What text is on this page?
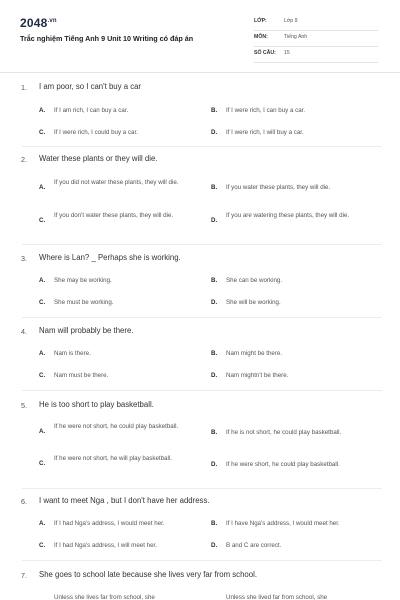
$2048^{.vn}$
Trắc nghiệm Tiếng Anh 9 Unit 10 Writing có đáp án
LỚP:	Lớp 9
MÔN:	Tiếng Anh
SỐ CÂU: 15
1. I am poor, so I can't buy a car
A. If I am rich, I can buy a car.	B. If I were rich, I can buy a car.
C. If I were rich, I could buy a car.	D. If I were rich, I will buy a car.
2. Water these plants or they will die.
A.
If you did not water these plants, they will die.
B. If you water these plants, they will die.
C.
If you don't water these plants, they will die.
D.
If you are watering these plants, they will die.
3. Where is Lan? _ Perhaps she is working.
A. She may be working.	B. She can be working.
C. She must be working.	D. She will be working.
4. Nam will probably be there.
A. Nam is there.	B. Nam might be there.
C. Nam must be there.	D. Nam mightn't be there.
5. He is too short to play basketball.
A.
If he were not short, he could play basketball.
B. If he is not short, he could play basketball.
C.
If he were not short, he will play basketball.
D. If he were short, he could play basketball.
6. I want to meet Nga , but I don't have her address.
A. If I had Nga's address, I would meet her.	B. If I have Nga's address, I would meet her.
C. If I had Nga's address, I will meet her.	D. B and C are correct.
7. She goes to school late because she lives very far from school.
Unless she lives far from school, she	Unless she lived far from school, she
